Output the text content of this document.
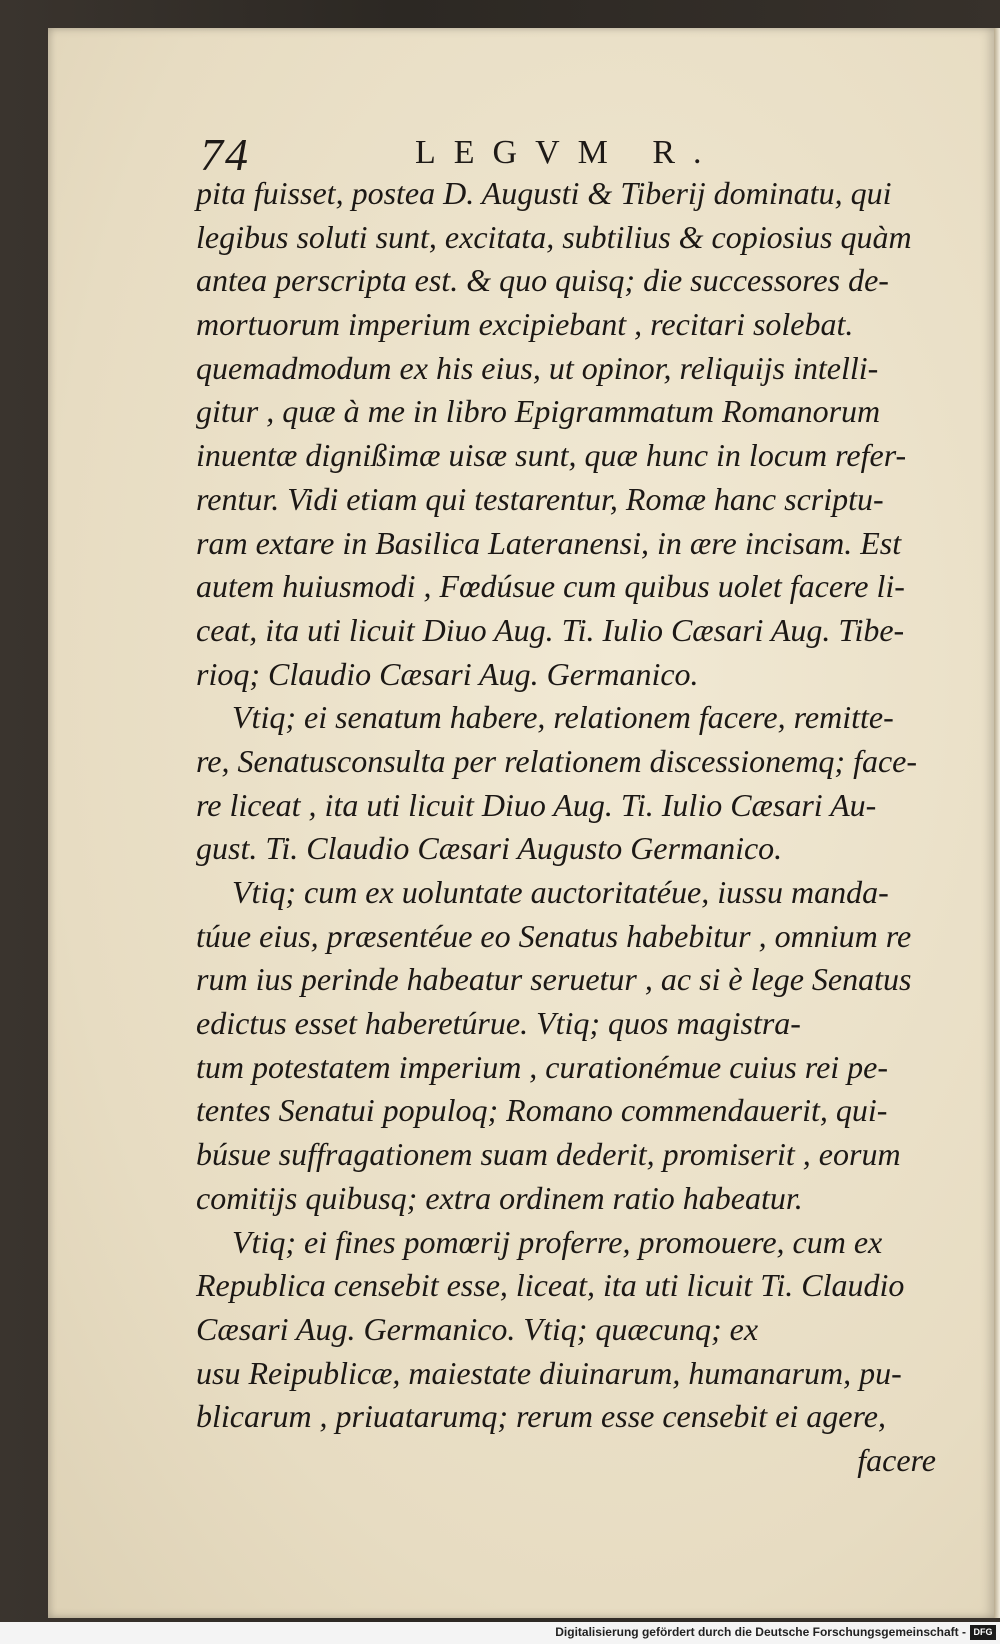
74	LEGVM R.
pita fuisset, postea D. Augusti & Tiberij dominatu, qui
legibus soluti sunt, excitata, subtilius & copiosius quàm
antea perscripta est. & quo quisq; die successores de-
mortuorum imperium excipiebant , recitari solebat.
quemadmodum ex his eius, ut opinor, reliquijs intelli-
gitur , quæ à me in libro Epigrammatum Romanorum
inuentæ dignißimæ uisæ sunt, quæ hunc in locum refer-
rentur. Vidi etiam qui testarentur, Romæ hanc scriptu-
ram extare in Basilica Lateranensi, in ære incisam. Est
autem huiusmodi , Fœdúsue cum quibus uolet facere li-
ceat, ita uti licuit Diuo Aug. Ti. Iulio Cæsari Aug. Tibe-
rioq; Claudio Cæsari Aug. Germanico.
Vtiq; ei senatum habere, relationem facere, remitte-
re, Senatusconsulta per relationem discessionemq; face-
re liceat , ita uti licuit Diuo Aug. Ti. Iulio Cæsari Au-
gust. Ti. Claudio Cæsari Augusto Germanico.
Vtiq; cum ex uoluntate auctoritatéue, iussu manda-
túue eius, præsentéue eo Senatus habebitur , omnium re
rum ius perinde habeatur seruetur , ac si è lege Senatus
edictus esset haberetúrue. Vtiq; quos magistra-
tum potestatem imperium , curationémue cuius rei pe-
tentes Senatui populoq; Romano commendauerit, qui-
búsue suffragationem suam dederit, promiserit , eorum
comitijs quibusq; extra ordinem ratio habeatur.
Vtiq; ei fines pomœrij proferre, promouere, cum ex
Republica censebit esse, liceat, ita uti licuit Ti. Claudio
Cæsari Aug. Germanico. Vtiq; quæcunq; ex
usu Reipublicæ, maiestate diuinarum, humanarum, pu-
blicarum , priuatarumq; rerum esse censebit ei agere,
facere
Digitalisierung gefördert durch die Deutsche Forschungsgemeinschaft - DFG
